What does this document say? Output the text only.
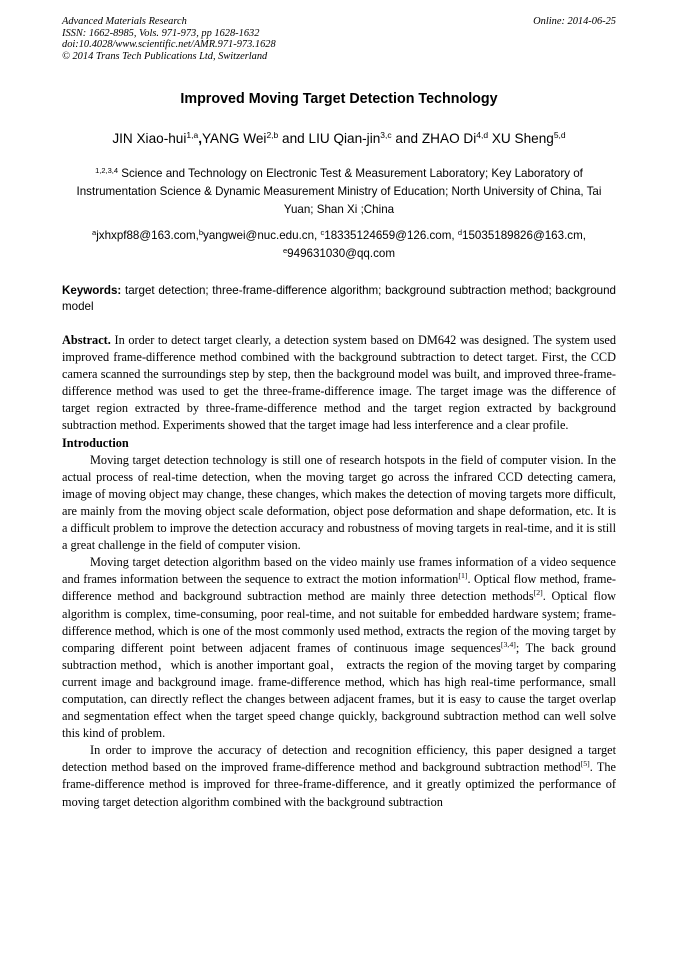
Advanced Materials Research
ISSN: 1662-8985, Vols. 971-973, pp 1628-1632
doi:10.4028/www.scientific.net/AMR.971-973.1628
© 2014 Trans Tech Publications Ltd, Switzerland
Online: 2014-06-25
Improved Moving Target Detection Technology
JIN Xiao-hui$^{1,a}$,YANG Wei$^{2,b}$ and LIU Qian-jin$^{3,c}$ and ZHAO Di$^{4,d}$ XU Sheng$^{5,d}$
$^{1,2,3,4}$ Science and Technology on Electronic Test & Measurement Laboratory; Key Laboratory of Instrumentation Science & Dynamic Measurement Ministry of Education; North University of China, Tai Yuan; Shan Xi ;China
$^a$jxhxpf88@163.com,$^b$yangwei@nuc.edu.cn, $^c$18335124659@126.com, $^d$15035189826@163.cm,
$^e$949631030@qq.com
Keywords: target detection; three-frame-difference algorithm; background subtraction method; background model

Abstract. In order to detect target clearly, a detection system based on DM642 was designed. The system used improved frame-difference method combined with the background subtraction to detect target. First, the CCD camera scanned the surroundings step by step, then the background model was built, and improved three-frame-difference method was used to get the three-frame-difference image. The target image was the difference of target region extracted by three-frame-difference method and the target region extracted by background subtraction method. Experiments showed that the target image had less interference and a clear profile.

Introduction

Moving target detection technology is still one of research hotspots in the field of computer vision. In the actual process of real-time detection, when the moving target go across the infrared CCD detecting camera, image of moving object may change, these changes, which makes the detection of moving targets more difficult, are mainly from the moving object scale deformation, object pose deformation and shape deformation, etc. It is a difficult problem to improve the detection accuracy and robustness of moving targets in real-time, and it is still a great challenge in the field of computer vision.

Moving target detection algorithm based on the video mainly use frames information of a video sequence and frames information between the sequence to extract the motion information[1]. Optical flow method, frame-difference method and background subtraction method are mainly three detection methods[2]. Optical flow algorithm is complex, time-consuming, poor real-time, and not suitable for embedded hardware system; frame-difference method, which is one of the most commonly used method, extracts the region of the moving target by comparing different point between adjacent frames of continuous image sequences[3,4]; The back ground subtraction method，which is another important goal， extracts the region of the moving target by comparing current image and background image. frame-difference method, which has high real-time performance, small computation, can directly reflect the changes between adjacent frames, but it is easy to cause the target overlap and segmentation effect when the target speed change quickly, background subtraction method can well solve this kind of problem.

In order to improve the accuracy of detection and recognition efficiency, this paper designed a target detection method based on the improved frame-difference method and background subtraction method[5]. The frame-difference method is improved for three-frame-difference, and it greatly optimized the performance of moving target detection algorithm combined with the background subtraction
